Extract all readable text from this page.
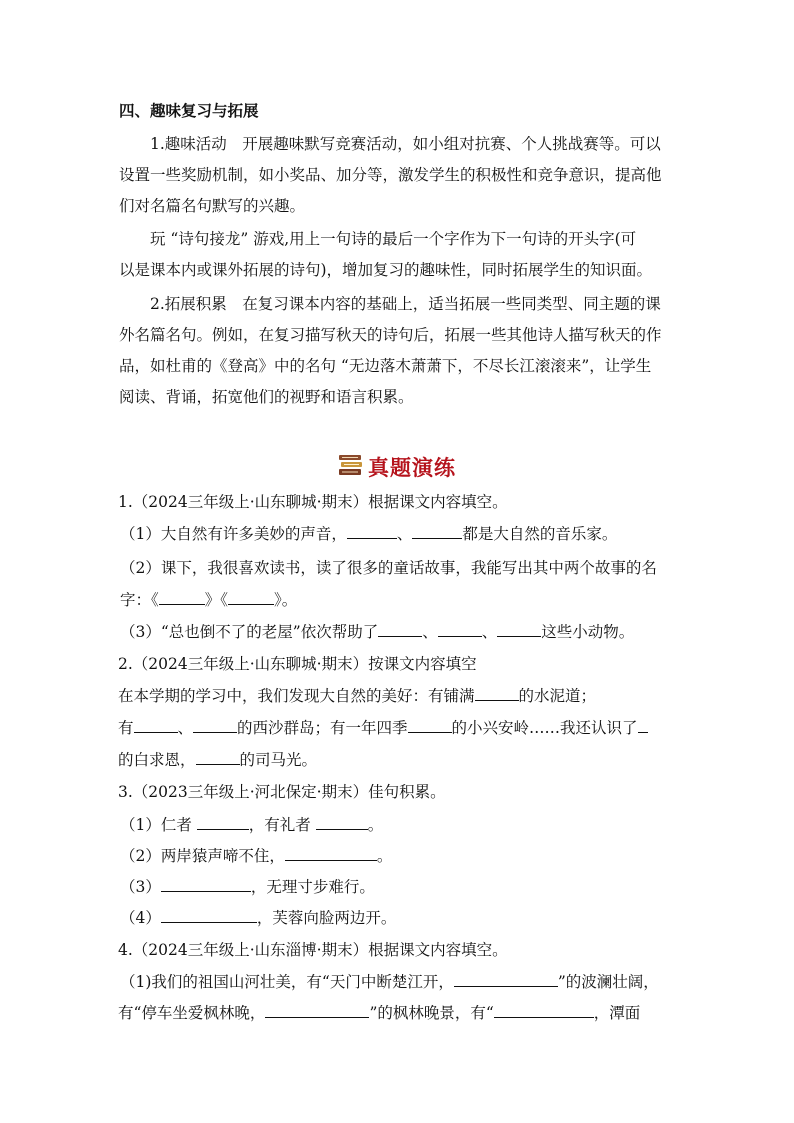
四、趣味复习与拓展
1.趣味活动　开展趣味默写竞赛活动，如小组对抗赛、个人挑战赛等。可以
设置一些奖励机制，如小奖品、加分等，激发学生的积极性和竞争意识，提高他
们对名篇名句默写的兴趣。
玩 “诗句接龙” 游戏,用上一句诗的最后一个字作为下一句诗的开头字(可
以是课本内或课外拓展的诗句)，增加复习的趣味性，同时拓展学生的知识面。
2.拓展积累　在复习课本内容的基础上，适当拓展一些同类型、同主题的课
外名篇名句。例如，在复习描写秋天的诗句后，拓展一些其他诗人描写秋天的作
品，如杜甫的《登高》中的名句 “无边落木萧萧下，不尽长江滚滚来”，让学生
阅读、背诵，拓宽他们的视野和语言积累。
真题演练
1.（2024三年级上·山东聊城·期末）根据课文内容填空。
（1）大自然有许多美妙的声音，	、	都是大自然的音乐家。
（2）课下，我很喜欢读书，读了很多的童话故事，我能写出其中两个故事的名
字：《	》《	》。
（3）“总也倒不了的老屋”依次帮助了	、	、	这些小动物。
2.（2024三年级上·山东聊城·期末）按课文内容填空
在本学期的学习中，我们发现大自然的美好：有铺满	的水泥道；
有	、	的西沙群岛；有一年四季	的小兴安岭……我还认识了
的白求恩，	的司马光。
3.（2023三年级上·河北保定·期末）佳句积累。
（1）仁者	，有礼者	。
（2）两岸猿声啼不住，	。
（3）	，无理寸步难行。
（4）	，芙蓉向脸两边开。
4.（2024三年级上·山东淄博·期末）根据课文内容填空。
（1)我们的祖国山河壮美，有“天门中断楚江开，	”的波澜壮阔，
有“停车坐爱枫林晚，	”的枫林晚景，有“	，潭面
